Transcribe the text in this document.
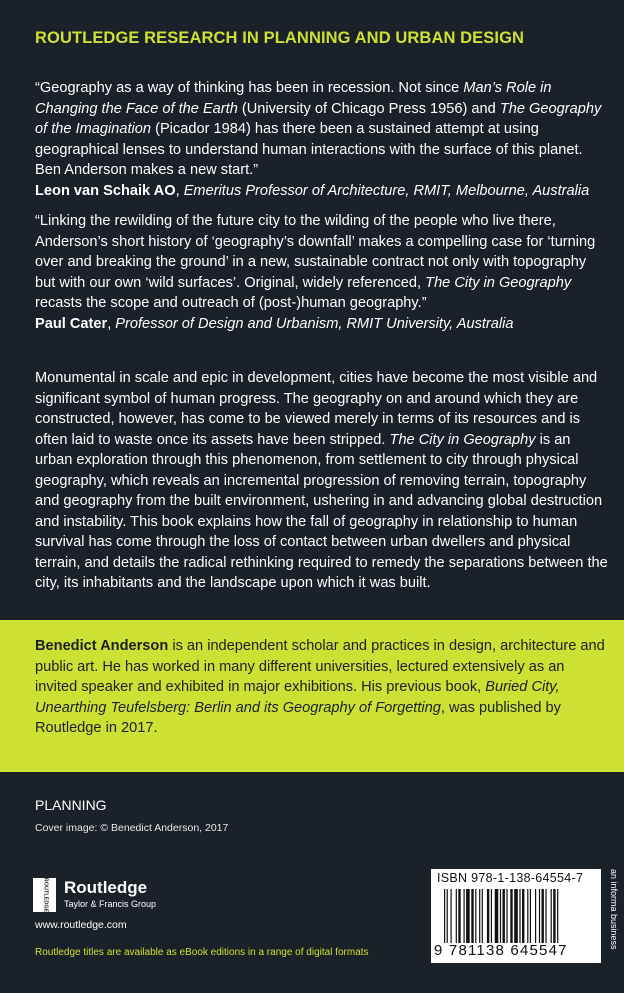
ROUTLEDGE RESEARCH IN PLANNING AND URBAN DESIGN
“Geography as a way of thinking has been in recession. Not since Man’s Role in Changing the Face of the Earth (University of Chicago Press 1956) and The Geography of the Imagination (Picador 1984) has there been a sustained attempt at using geographical lenses to understand human interactions with the surface of this planet. Ben Anderson makes a new start.”
Leon van Schaik AO, Emeritus Professor of Architecture, RMIT, Melbourne, Australia
“Linking the rewilding of the future city to the wilding of the people who live there, Anderson’s short history of ‘geography’s downfall’ makes a compelling case for ‘turning over and breaking the ground’ in a new, sustainable contract not only with topography but with our own ‘wild surfaces’. Original, widely referenced, The City in Geography recasts the scope and outreach of (post-)human geography.”
Paul Cater, Professor of Design and Urbanism, RMIT University, Australia
Monumental in scale and epic in development, cities have become the most visible and significant symbol of human progress. The geography on and around which they are constructed, however, has come to be viewed merely in terms of its resources and is often laid to waste once its assets have been stripped. The City in Geography is an urban exploration through this phenomenon, from settlement to city through physical geography, which reveals an incremental progression of removing terrain, topography and geography from the built environment, ushering in and advancing global destruction and instability. This book explains how the fall of geography in relationship to human survival has come through the loss of contact between urban dwellers and physical terrain, and details the radical rethinking required to remedy the separations between the city, its inhabitants and the landscape upon which it was built.
Benedict Anderson is an independent scholar and practices in design, architecture and public art. He has worked in many different universities, lectured extensively as an invited speaker and exhibited in major exhibitions. His previous book, Buried City, Unearthing Teufelsberg: Berlin and its Geography of Forgetting, was published by Routledge in 2017.
PLANNING
Cover image: © Benedict Anderson, 2017
ROUTLEDGE Routledge
Taylor & Francis Group
www.routledge.com
Routledge titles are available as eBook editions in a range of digital formats
ISBN 978-1-138-64554-7
9 781138 645547
an informa business
